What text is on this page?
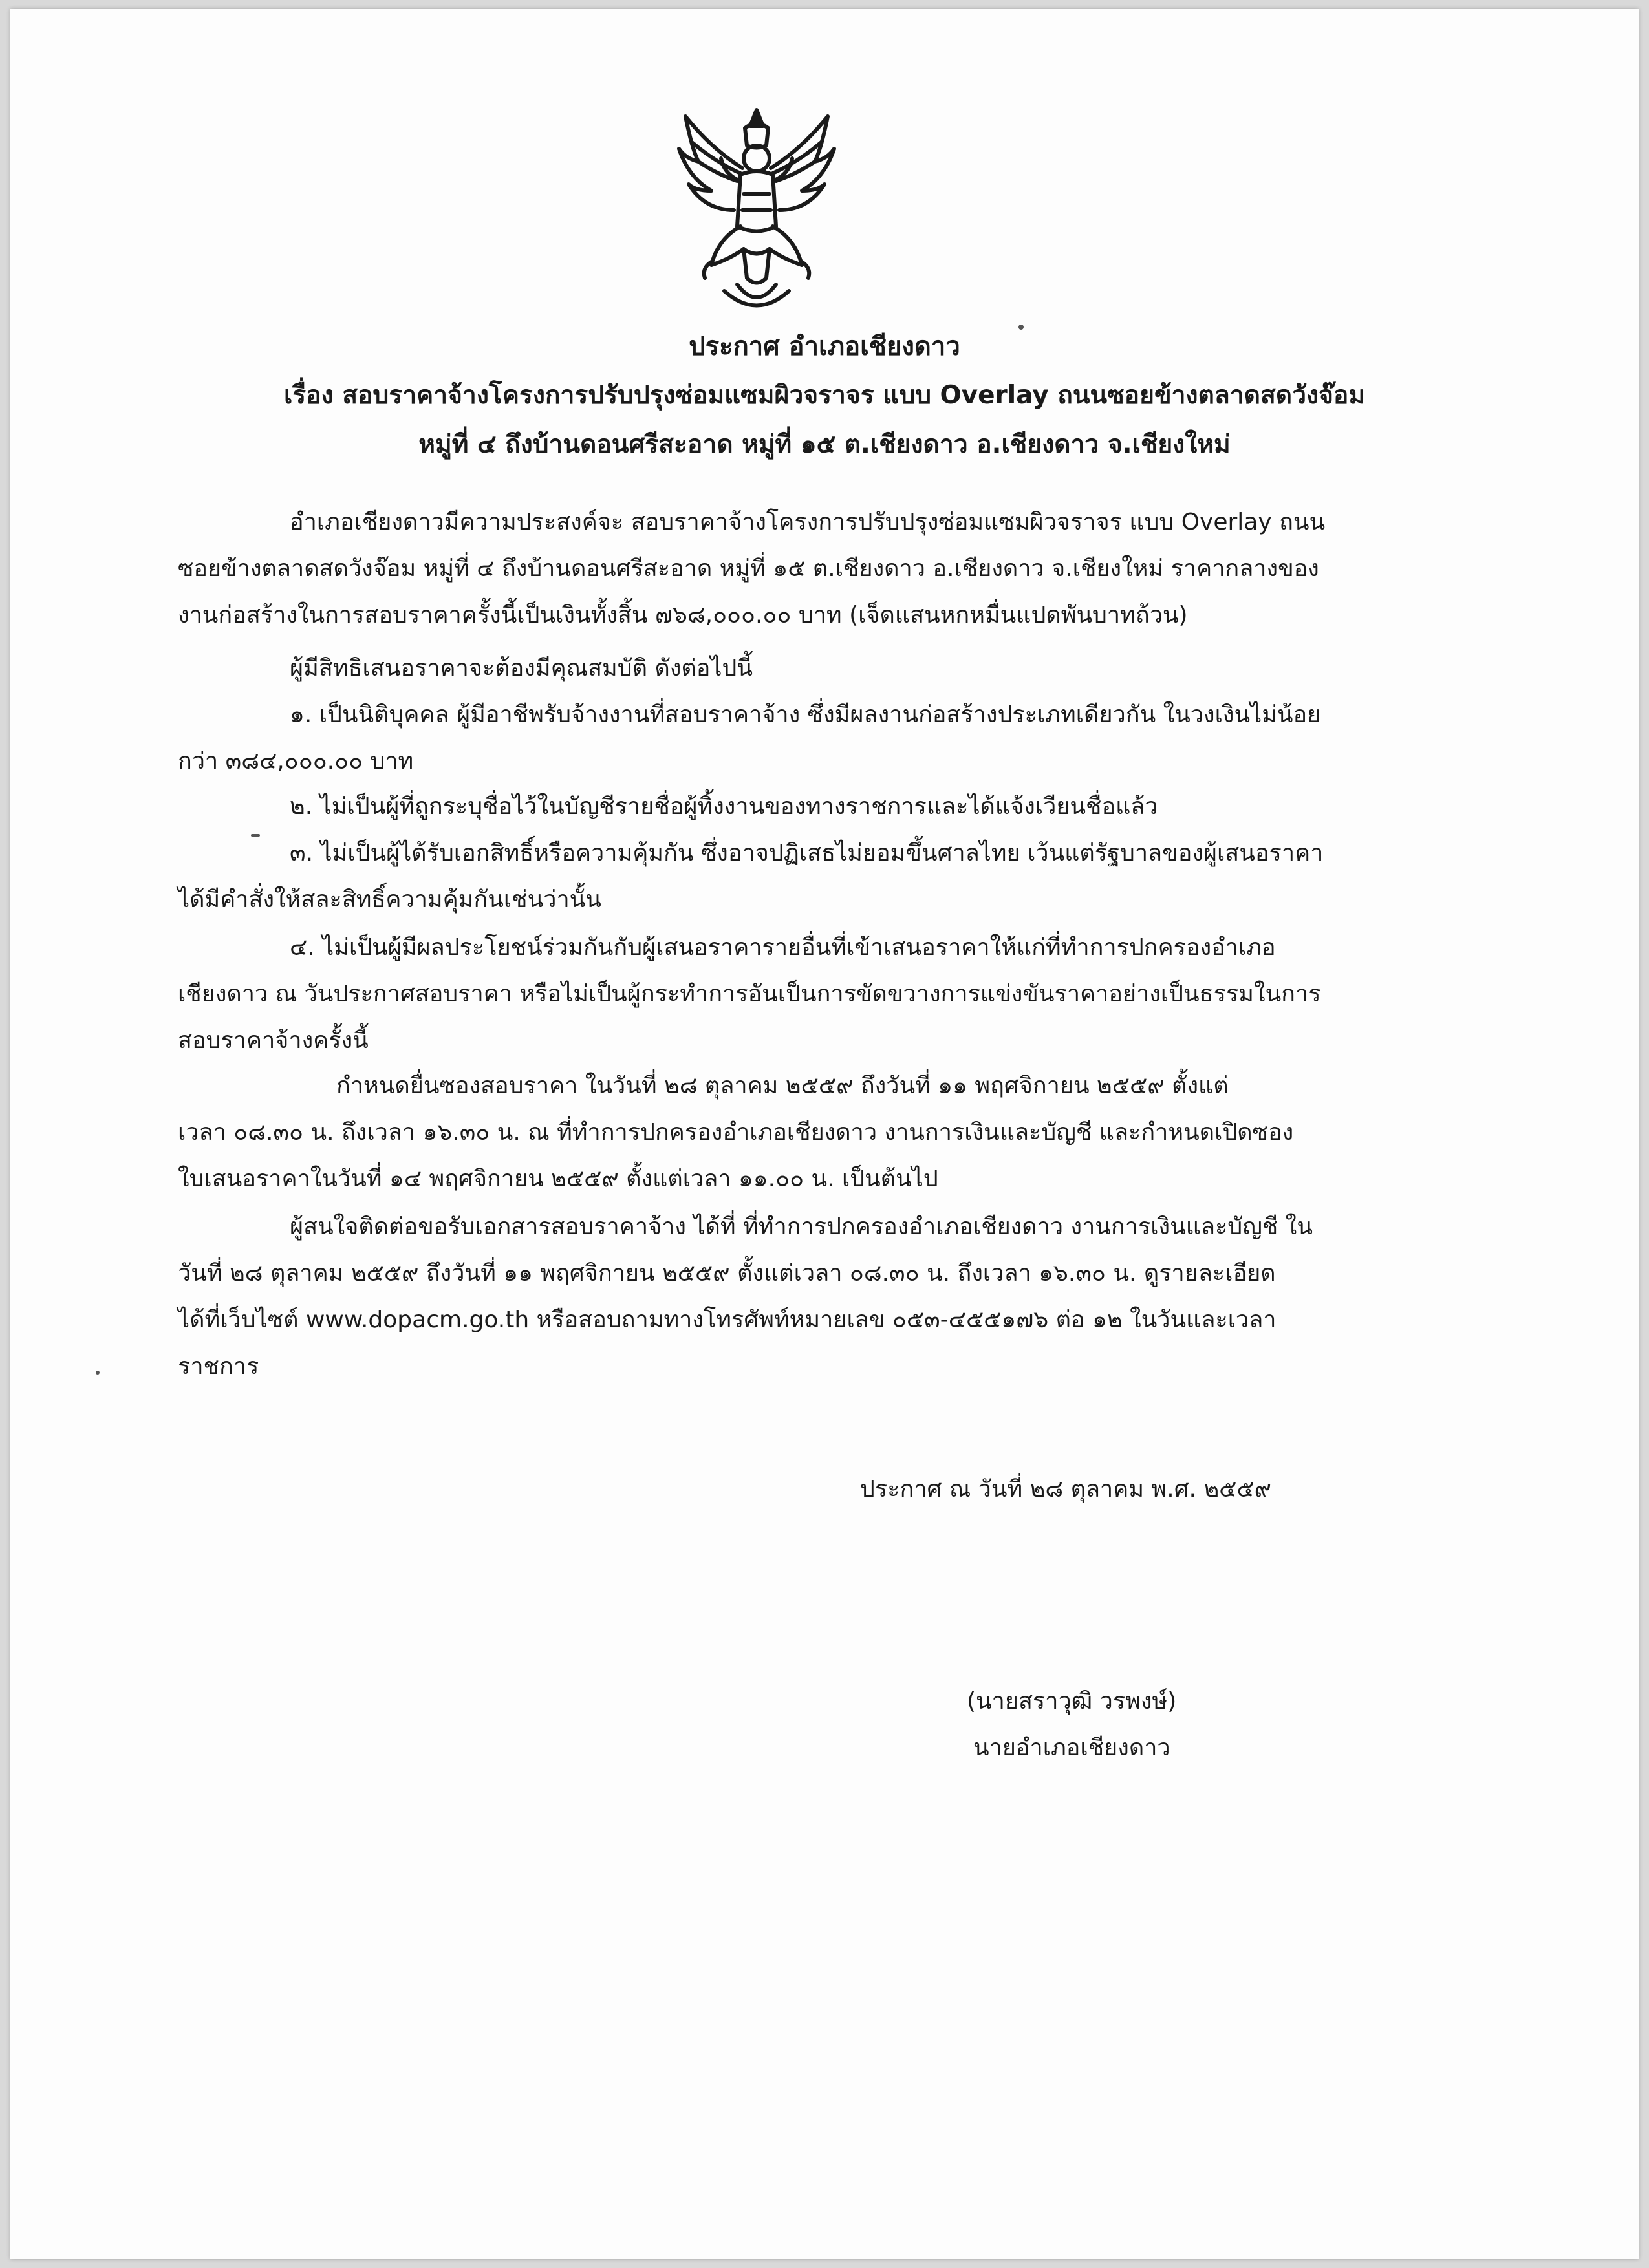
ประกาศ อำเภอเชียงดาว
เรื่อง สอบราคาจ้างโครงการปรับปรุงซ่อมแซมผิวจราจร แบบ Overlay ถนนซอยข้างตลาดสดวังจ๊อม
หมู่ที่ ๔ ถึงบ้านดอนศรีสะอาด หมู่ที่ ๑๕ ต.เชียงดาว อ.เชียงดาว จ.เชียงใหม่
อำเภอเชียงดาวมีความประสงค์จะ สอบราคาจ้างโครงการปรับปรุงซ่อมแซมผิวจราจร แบบ Overlay ถนน
ซอยข้างตลาดสดวังจ๊อม หมู่ที่ ๔ ถึงบ้านดอนศรีสะอาด หมู่ที่ ๑๕ ต.เชียงดาว อ.เชียงดาว จ.เชียงใหม่ ราคากลางของ
งานก่อสร้างในการสอบราคาครั้งนี้เป็นเงินทั้งสิ้น ๗๖๘,๐๐๐.๐๐ บาท (เจ็ดแสนหกหมื่นแปดพันบาทถ้วน)
ผู้มีสิทธิเสนอราคาจะต้องมีคุณสมบัติ ดังต่อไปนี้
๑. เป็นนิติบุคคล ผู้มีอาชีพรับจ้างงานที่สอบราคาจ้าง ซึ่งมีผลงานก่อสร้างประเภทเดียวกัน ในวงเงินไม่น้อย
กว่า ๓๘๔,๐๐๐.๐๐ บาท
๒. ไม่เป็นผู้ที่ถูกระบุชื่อไว้ในบัญชีรายชื่อผู้ทิ้งงานของทางราชการและได้แจ้งเวียนชื่อแล้ว
๓. ไม่เป็นผู้ได้รับเอกสิทธิ์หรือความคุ้มกัน ซึ่งอาจปฏิเสธไม่ยอมขึ้นศาลไทย เว้นแต่รัฐบาลของผู้เสนอราคา
ได้มีคำสั่งให้สละสิทธิ์ความคุ้มกันเช่นว่านั้น
๔. ไม่เป็นผู้มีผลประโยชน์ร่วมกันกับผู้เสนอราคารายอื่นที่เข้าเสนอราคาให้แก่ที่ทำการปกครองอำเภอ
เชียงดาว ณ วันประกาศสอบราคา หรือไม่เป็นผู้กระทำการอันเป็นการขัดขวางการแข่งขันราคาอย่างเป็นธรรมในการ
สอบราคาจ้างครั้งนี้
กำหนดยื่นซองสอบราคา ในวันที่ ๒๘ ตุลาคม ๒๕๕๙ ถึงวันที่ ๑๑ พฤศจิกายน ๒๕๕๙ ตั้งแต่
เวลา ๐๘.๓๐ น. ถึงเวลา ๑๖.๓๐ น. ณ ที่ทำการปกครองอำเภอเชียงดาว งานการเงินและบัญชี และกำหนดเปิดซอง
ใบเสนอราคาในวันที่ ๑๔ พฤศจิกายน ๒๕๕๙ ตั้งแต่เวลา ๑๑.๐๐ น. เป็นต้นไป
ผู้สนใจติดต่อขอรับเอกสารสอบราคาจ้าง ได้ที่ ที่ทำการปกครองอำเภอเชียงดาว งานการเงินและบัญชี ใน
วันที่ ๒๘ ตุลาคม ๒๕๕๙ ถึงวันที่ ๑๑ พฤศจิกายน ๒๕๕๙ ตั้งแต่เวลา ๐๘.๓๐ น. ถึงเวลา ๑๖.๓๐ น. ดูรายละเอียด
ได้ที่เว็บไซต์ www.dopacm.go.th หรือสอบถามทางโทรศัพท์หมายเลข ๐๕๓-๔๕๕๑๗๖ ต่อ ๑๒ ในวันและเวลา
ราชการ
ประกาศ ณ วันที่ ๒๘ ตุลาคม พ.ศ. ๒๕๕๙
(นายสราวุฒิ วรพงษ์)
นายอำเภอเชียงดาว
